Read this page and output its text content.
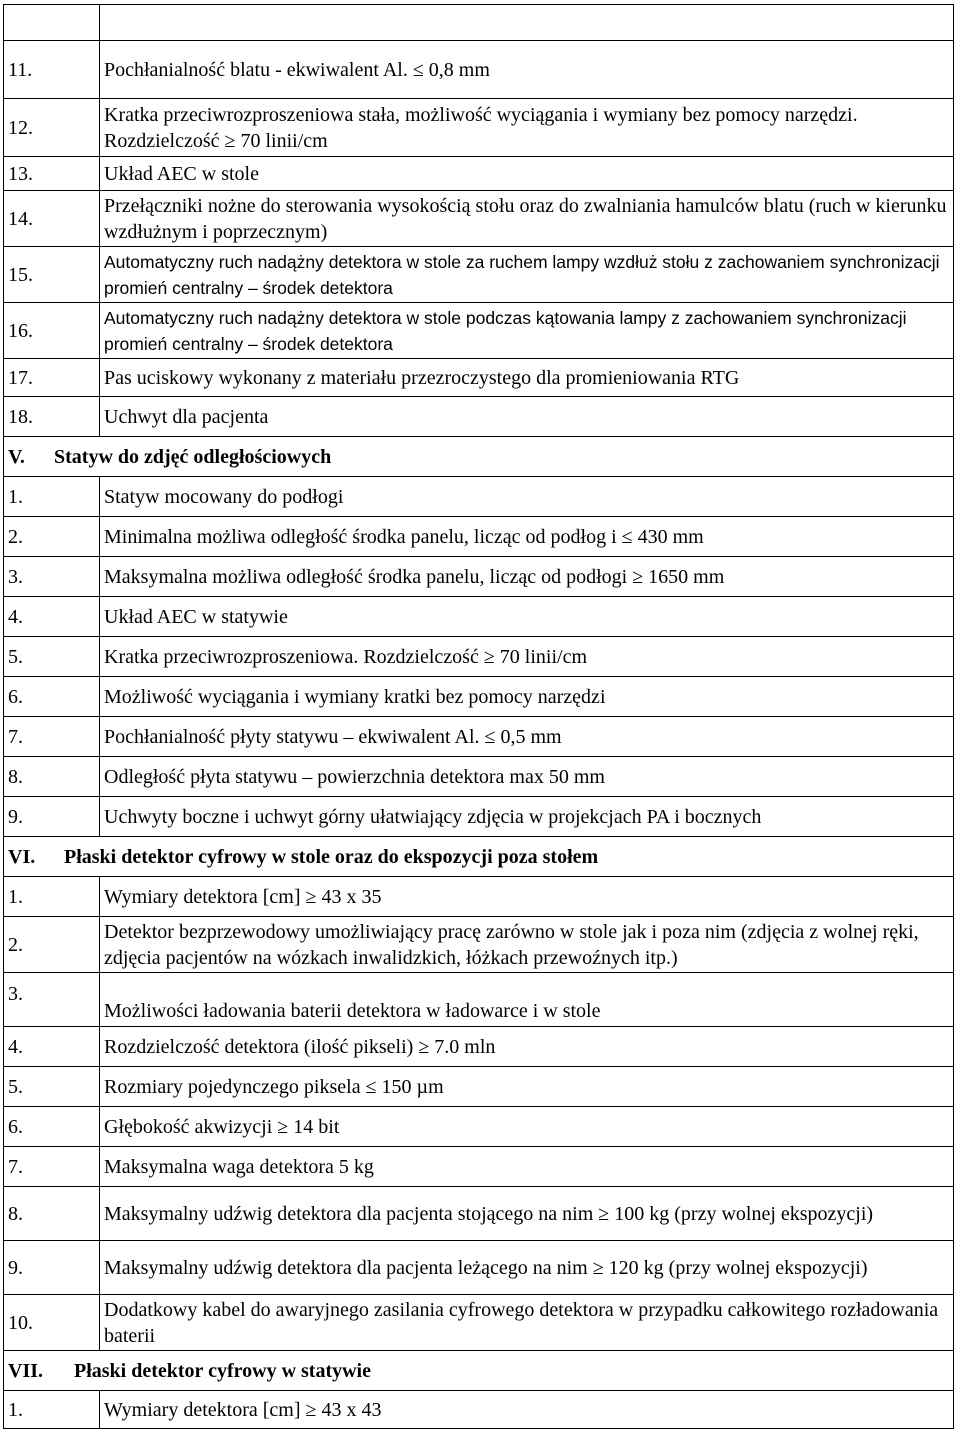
11.	Pochłanialność blatu - ekwiwalent Al. ≤ 0,8 mm
12.	Kratka przeciwrozproszeniowa stała, możliwość wyciągania i wymiany bez pomocy narzędzi. Rozdzielczość ≥ 70 linii/cm
13.	Układ AEC w stole
14.	Przełączniki nożne do sterowania wysokością stołu oraz do zwalniania hamulców blatu (ruch w kierunku wzdłużnym i poprzecznym)
15.	Automatyczny ruch nadążny detektora w stole za ruchem lampy wzdłuż stołu z zachowaniem synchronizacji promień centralny – środek detektora
16.	Automatyczny ruch nadążny detektora w stole podczas kątowania lampy z zachowaniem synchronizacji promień centralny – środek detektora
17.	Pas uciskowy wykonany z materiału przezroczystego dla promieniowania RTG
18.	Uchwyt dla pacjenta
V. Statyw do zdjęć odległościowych	
1.	Statyw mocowany do podłogi
2.	Minimalna możliwa odległość środka panelu, licząc od podłog i ≤ 430 mm
3.	Maksymalna możliwa odległość środka panelu, licząc od podłogi ≥ 1650 mm
4.	Układ AEC w statywie
5.	Kratka przeciwrozproszeniowa. Rozdzielczość ≥ 70 linii/cm
6.	Możliwość wyciągania i wymiany kratki bez pomocy narzędzi
7.	Pochłanialność płyty statywu – ekwiwalent Al. ≤ 0,5 mm
8.	Odległość płyta statywu – powierzchnia detektora max 50 mm
9.	Uchwyty boczne i uchwyt górny ułatwiający zdjęcia w projekcjach PA i bocznych
VI. Płaski detektor cyfrowy w stole oraz do ekspozycji poza stołem	
1.	Wymiary detektora [cm] ≥ 43 x 35
2.	Detektor bezprzewodowy umożliwiający pracę zarówno w stole jak i poza nim (zdjęcia z wolnej ręki, zdjęcia pacjentów na wózkach inwalidzkich, łóżkach przewoźnych itp.)
3.	Możliwości ładowania baterii detektora w ładowarce i w stole
4.	Rozdzielczość detektora (ilość pikseli) ≥ 7.0 mln
5.	Rozmiary pojedynczego piksela ≤ 150 µm
6.	Głębokość akwizycji ≥ 14 bit
7.	Maksymalna waga detektora 5 kg
8.	Maksymalny udźwig detektora dla pacjenta stojącego na nim ≥ 100 kg (przy wolnej ekspozycji)
9.	Maksymalny udźwig detektora dla pacjenta leżącego na nim ≥ 120 kg (przy wolnej ekspozycji)
10.	Dodatkowy kabel do awaryjnego zasilania cyfrowego detektora w przypadku całkowitego rozładowania baterii
VII. Płaski detektor cyfrowy w statywie	
1.	Wymiary detektora [cm] ≥ 43 x 43
